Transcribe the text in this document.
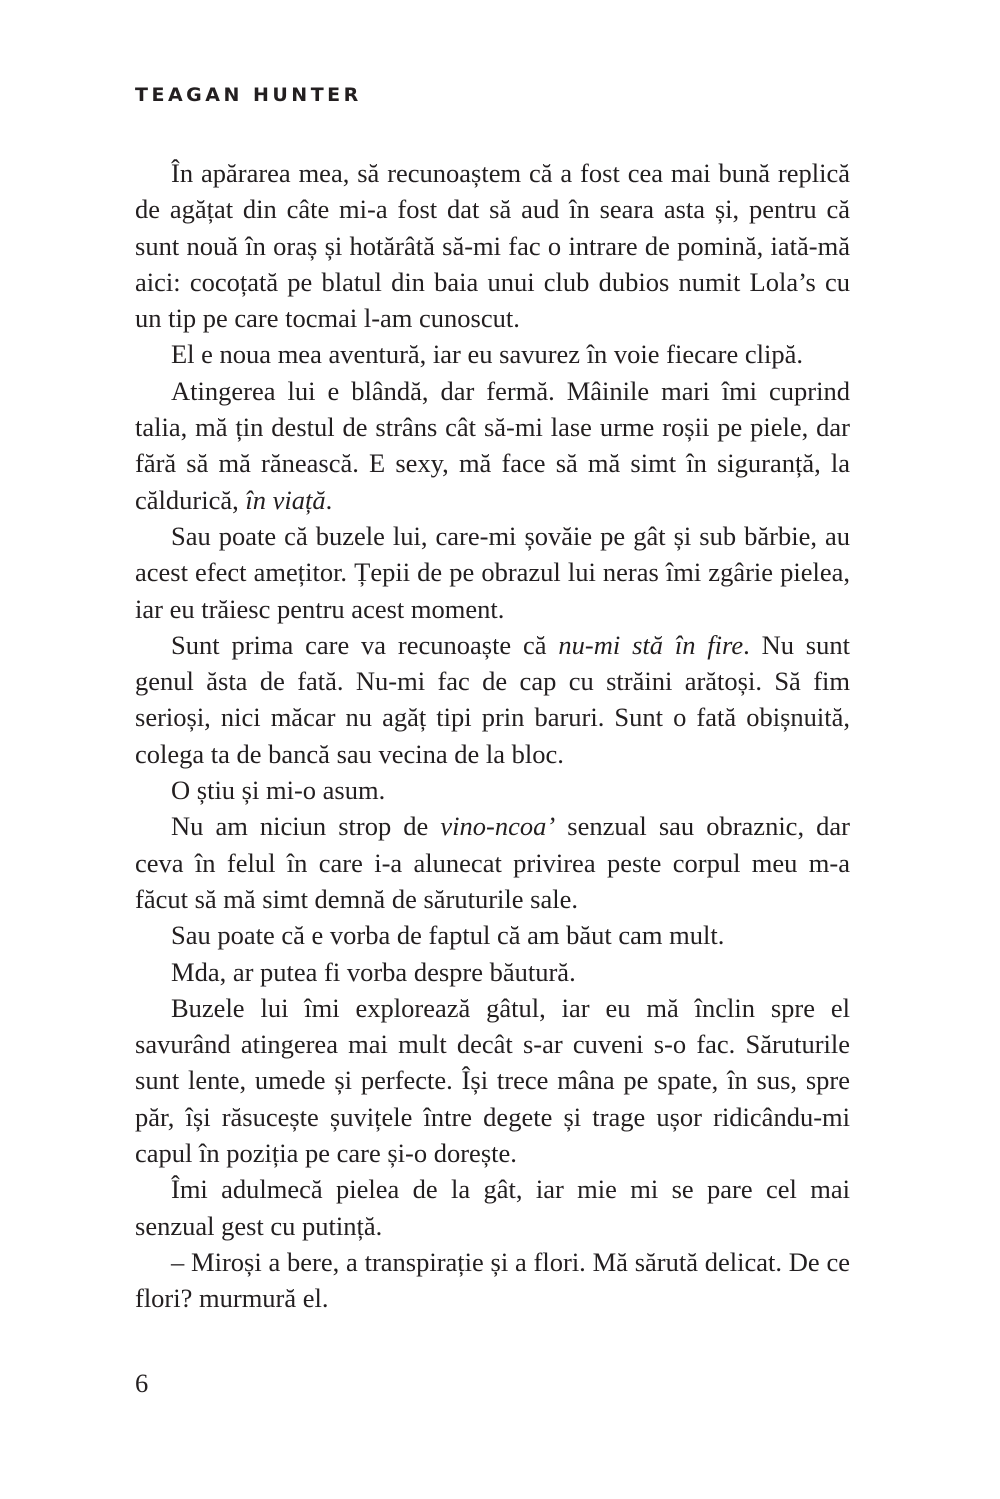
TEAGAN HUNTER

În apărarea mea, să recunoaștem că a fost cea mai bună replică de agățat din câte mi-a fost dat să aud în seara asta și, pentru că sunt nouă în oraș și hotărâtă să-mi fac o intrare de pomină, iată-mă aici: cocoțată pe blatul din baia unui club dubios numit Lola’s cu un tip pe care tocmai l-am cunoscut.

El e noua mea aventură, iar eu savurez în voie fiecare clipă.

Atingerea lui e blândă, dar fermă. Mâinile mari îmi cuprind talia, mă țin destul de strâns cât să-mi lase urme roșii pe piele, dar fără să mă rănească. E sexy, mă face să mă simt în siguranță, la căldurică, în viață.

Sau poate că buzele lui, care-mi șovăie pe gât și sub bărbie, au acest efect amețitor. Țepii de pe obrazul lui neras îmi zgârie pielea, iar eu trăiesc pentru acest moment.

Sunt prima care va recunoaște că nu-mi stă în fire. Nu sunt genul ăsta de fată. Nu-mi fac de cap cu străini arătoși. Să fim serioși, nici măcar nu agăț tipi prin baruri. Sunt o fată obișnuită, colega ta de bancă sau vecina de la bloc.

O știu și mi-o asum.

Nu am niciun strop de vino-ncoa’ senzual sau obraznic, dar ceva în felul în care i-a alunecat privirea peste corpul meu m-a făcut să mă simt demnă de săruturile sale.

Sau poate că e vorba de faptul că am băut cam mult.

Mda, ar putea fi vorba despre băutură.

Buzele lui îmi explorează gâtul, iar eu mă înclin spre el savurând atingerea mai mult decât s-ar cuveni s-o fac. Săruturile sunt lente, umede și perfecte. Își trece mâna pe spate, în sus, spre păr, își răsucește șuvițele între degete și trage ușor ridicându-mi capul în poziția pe care și-o dorește.

Îmi adulmecă pielea de la gât, iar mie mi se pare cel mai senzual gest cu putință.

– Miroși a bere, a transpirație și a flori. Mă sărută delicat. De ce flori? murmură el.

6
